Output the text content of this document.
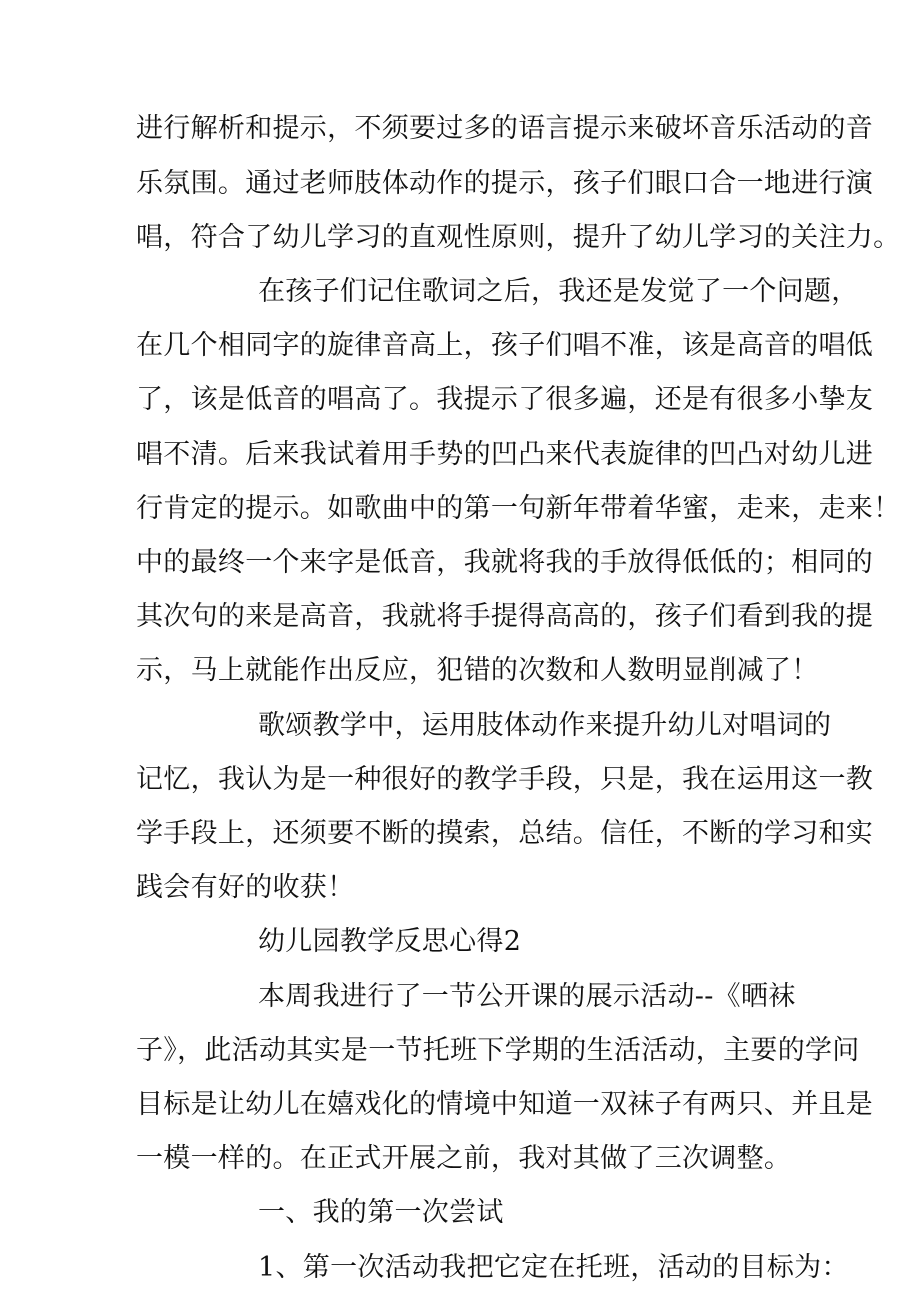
进行解析和提示，不须要过多的语言提示来破坏音乐活动的音
乐氛围。通过老师肢体动作的提示，孩子们眼口合一地进行演
唱，符合了幼儿学习的直观性原则，提升了幼儿学习的关注力。
在孩子们记住歌词之后，我还是发觉了一个问题，
在几个相同字的旋律音高上，孩子们唱不准，该是高音的唱低
了，该是低音的唱高了。我提示了很多遍，还是有很多小挚友
唱不清。后来我试着用手势的凹凸来代表旋律的凹凸对幼儿进
行肯定的提示。如歌曲中的第一句新年带着华蜜，走来，走来！
中的最终一个来字是低音，我就将我的手放得低低的；相同的
其次句的来是高音，我就将手提得高高的，孩子们看到我的提
示，马上就能作出反应，犯错的次数和人数明显削减了！
歌颂教学中，运用肢体动作来提升幼儿对唱词的
记忆，我认为是一种很好的教学手段，只是，我在运用这一教
学手段上，还须要不断的摸索，总结。信任，不断的学习和实
践会有好的收获！
幼儿园教学反思心得2
本周我进行了一节公开课的展示活动--《晒袜
子》，此活动其实是一节托班下学期的生活活动，主要的学问
目标是让幼儿在嬉戏化的情境中知道一双袜子有两只、并且是
一模一样的。在正式开展之前，我对其做了三次调整。
一、我的第一次尝试
1、第一次活动我把它定在托班，活动的目标为：
